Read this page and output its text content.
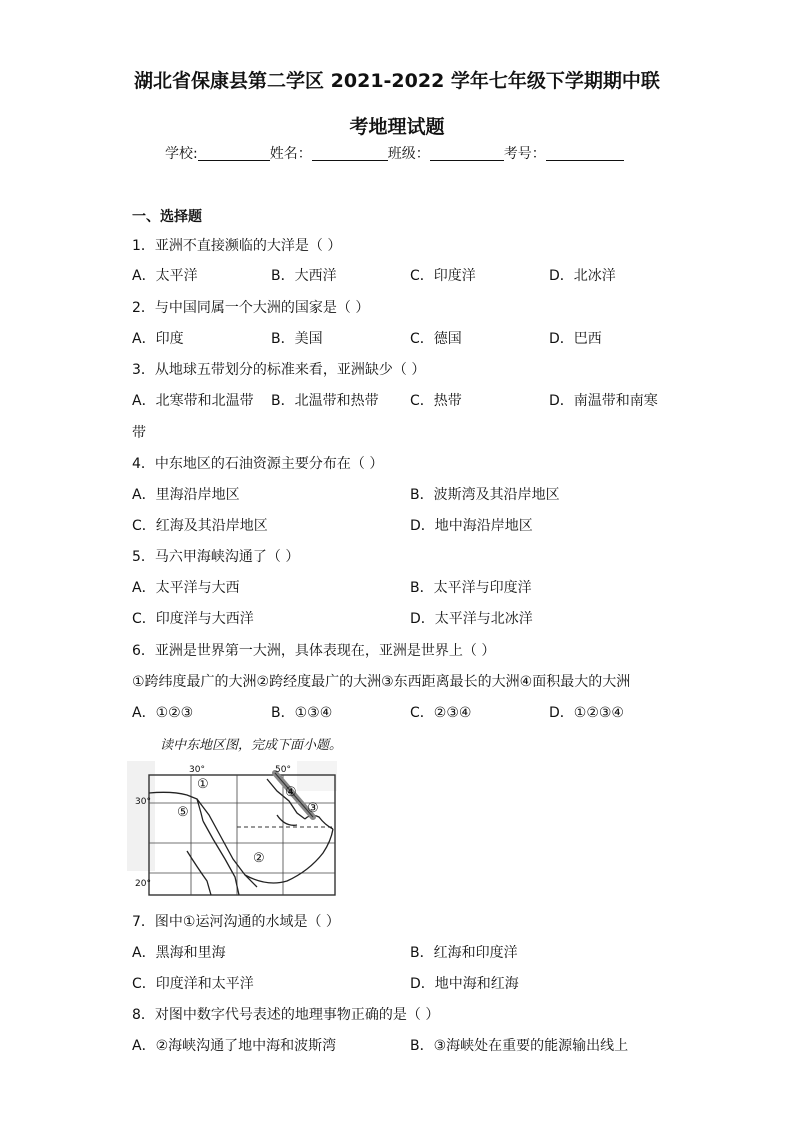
湖北省保康县第二学区 2021-2022 学年七年级下学期期中联
考地理试题
学校:	姓名：	班级：	考号：
一、选择题
1．亚洲不直接濒临的大洋是（ ）
A．太平洋	B．大西洋	C．印度洋	D．北冰洋
2．与中国同属一个大洲的国家是（ ）
A．印度	B．美国	C．德国	D．巴西
3．从地球五带划分的标准来看，亚洲缺少（ ）
A．北寒带和北温带 B．北温带和热带 C．热带	D．南温带和南寒
带
4．中东地区的石油资源主要分布在（ ）
A．里海沿岸地区	B．波斯湾及其沿岸地区
C．红海及其沿岸地区	D．地中海沿岸地区
5．马六甲海峡沟通了（ ）
A．太平洋与大西	B．太平洋与印度洋
C．印度洋与大西洋	D．太平洋与北冰洋
6．亚洲是世界第一大洲，具体表现在，亚洲是世界上（ ）
①跨纬度最广的大洲②跨经度最广的大洲③东西距离最长的大洲④面积最大的大洲
A．①②③	B．①③④	C．②③④	D．①②③④
读中东地区图，完成下面小题。
30°	50°
30°
20°
①
②
③
④
⑤
7．图中①运河沟通的水域是（ ）
A．黑海和里海	B．红海和印度洋
C．印度洋和太平洋	D．地中海和红海
8．对图中数字代号表述的地理事物正确的是（ ）
A．②海峡沟通了地中海和波斯湾	B．③海峡处在重要的能源输出线上
